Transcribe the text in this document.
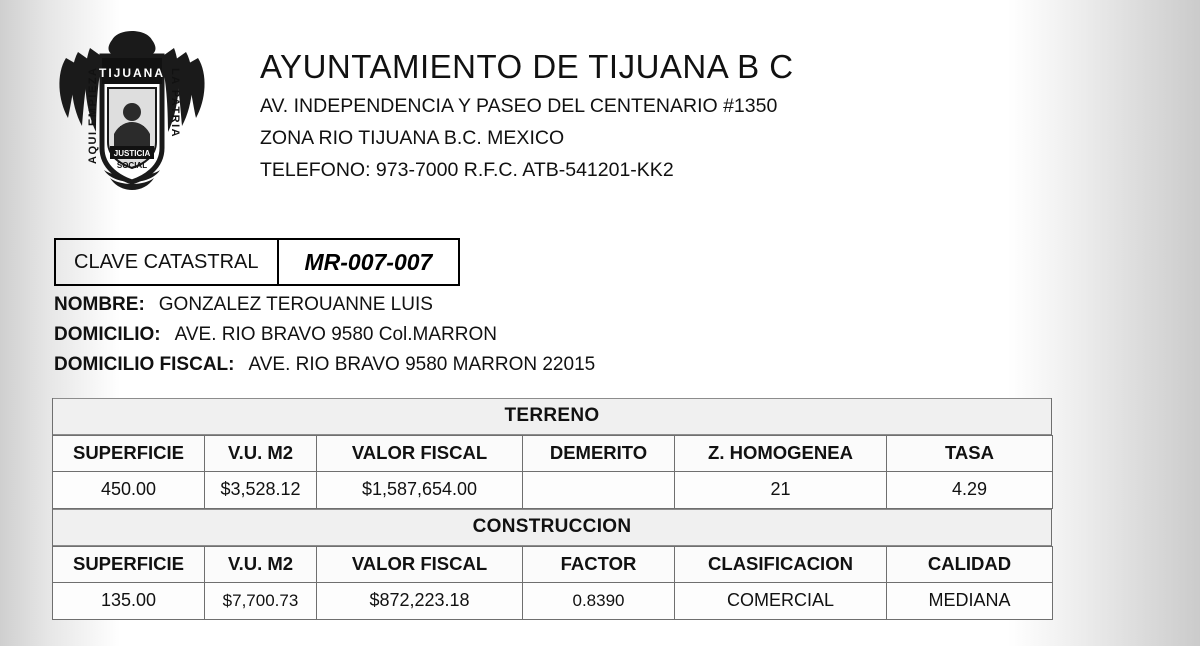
TIJUANA
JUSTICIA
SOCIAL
AQUI EMPIEZA	LA PATRIA
AYUNTAMIENTO DE TIJUANA B C
AV. INDEPENDENCIA Y PASEO DEL CENTENARIO #1350
ZONA RIO TIJUANA B.C. MEXICO
TELEFONO: 973-7000 R.F.C. ATB-541201-KK2
CLAVE CATASTRAL	MR-007-007
NOMBRE: GONZALEZ TEROUANNE LUIS
DOMICILIO: AVE. RIO BRAVO 9580 Col.MARRON
DOMICILIO FISCAL: AVE. RIO BRAVO 9580 MARRON 22015
TERRENO
SUPERFICIE	V.U. M2	VALOR FISCAL	DEMERITO	Z. HOMOGENEA	TASA
450.00	$3,528.12	$1,587,654.00		21	4.29
CONSTRUCCION
SUPERFICIE	V.U. M2	VALOR FISCAL	FACTOR	CLASIFICACION	CALIDAD
135.00	$7,700.73	$872,223.18	0.8390	COMERCIAL	MEDIANA
